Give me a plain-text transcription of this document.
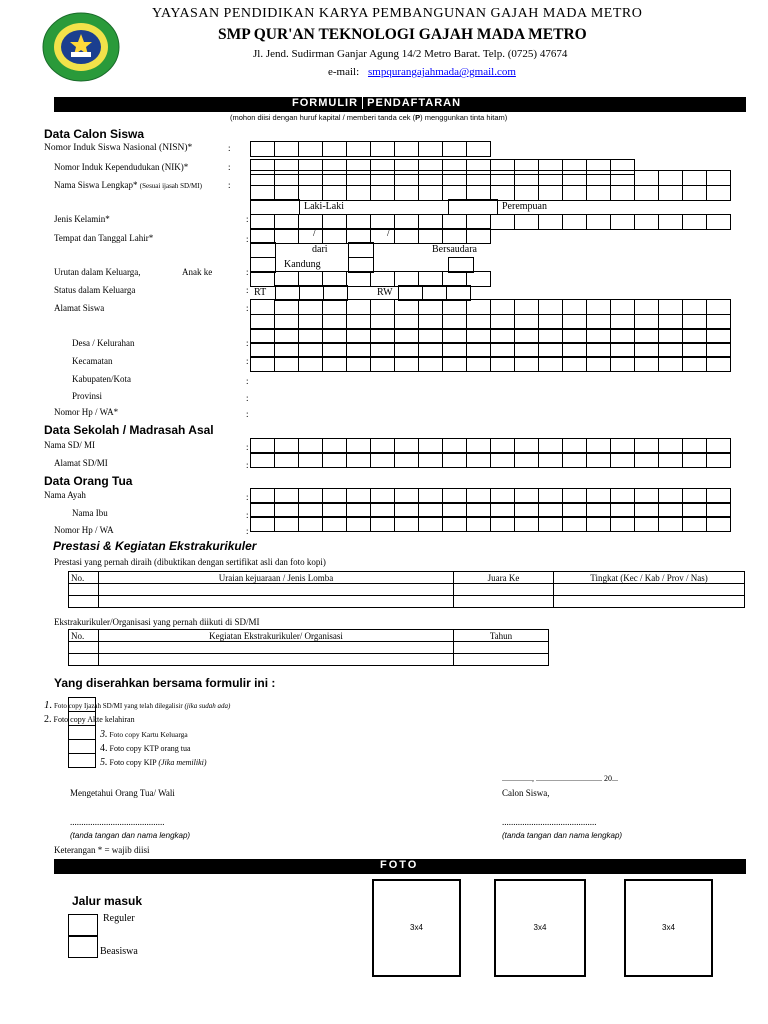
YAYASAN PENDIDIKAN KARYA PEMBANGUNAN GAJAH MADA METRO
SMP QUR'AN TEKNOLOGI GAJAH MADA METRO
Jl. Jend. Sudirman Ganjar Agung 14/2 Metro Barat. Telp. (0725) 47674
e-mail: smpqurangajahmada@gmail.com
FORMULIR PENDAFTARAN
(mohon diisi dengan huruf kapital / memberi tanda cek (P) menggunkan tinta hitam)
Data Calon Siswa
Nomor Induk Siswa Nasional (NISN)*	:
Nomor Induk Kependudukan (NIK)*	:
Nama Siswa Lengkap* (Sesuai ijasah SD/MI)	:
Jenis Kelamin*	:
Laki-Laki	Perempuan
Tempat dan Tanggal Lahir*	:	/	/
Urutan dalam Keluarga,	Anak ke	:
dari	Bersaudara
Status dalam Keluarga	:
Kandung
Alamat Siswa	:
RT	RW
Desa / Kelurahan	:
Kecamatan	:
Kabupaten/Kota	:
Provinsi	:
Nomor Hp / WA*	:
Data Sekolah / Madrasah Asal
Nama SD/ MI	:
Alamat SD/MI	:
Data Orang Tua
Nama Ayah	:
Nama Ibu	:
Nomor Hp / WA	:
Prestasi & Kegiatan Ekstrakurikuler
Prestasi yang pernah diraih (dibuktikan dengan sertifikat asli dan foto kopi)
No.	Uraian kejuaraan / Jenis Lomba	Juara Ke	Tingkat (Kec / Kab / Prov / Nas)

Ekstrakurikuler/Organisasi yang pernah diikuti di SD/MI
No.	Kegiatan Ekstrakurikuler/ Organisasi	Tahun

Yang diserahkan bersama formulir ini :
1. Foto copy Ijazah SD/MI yang telah dilegalisir (jika sudah ada)
2. Foto copy Akte kelahiran
3. Foto copy Kartu Keluarga
4. Foto copy KTP orang tua
5. Foto copy KIP (Jika memiliki)
..............., ................................. 20...
Mengetahui Orang Tua/ Wali	Calon Siswa,
..........................................	..........................................
(tanda tangan dan nama lengkap)	(tanda tangan dan nama lengkap)
Keterangan * = wajib diisi
FOTO
Jalur masuk
Reguler
Beasiswa
3x4	3x4	3x4
